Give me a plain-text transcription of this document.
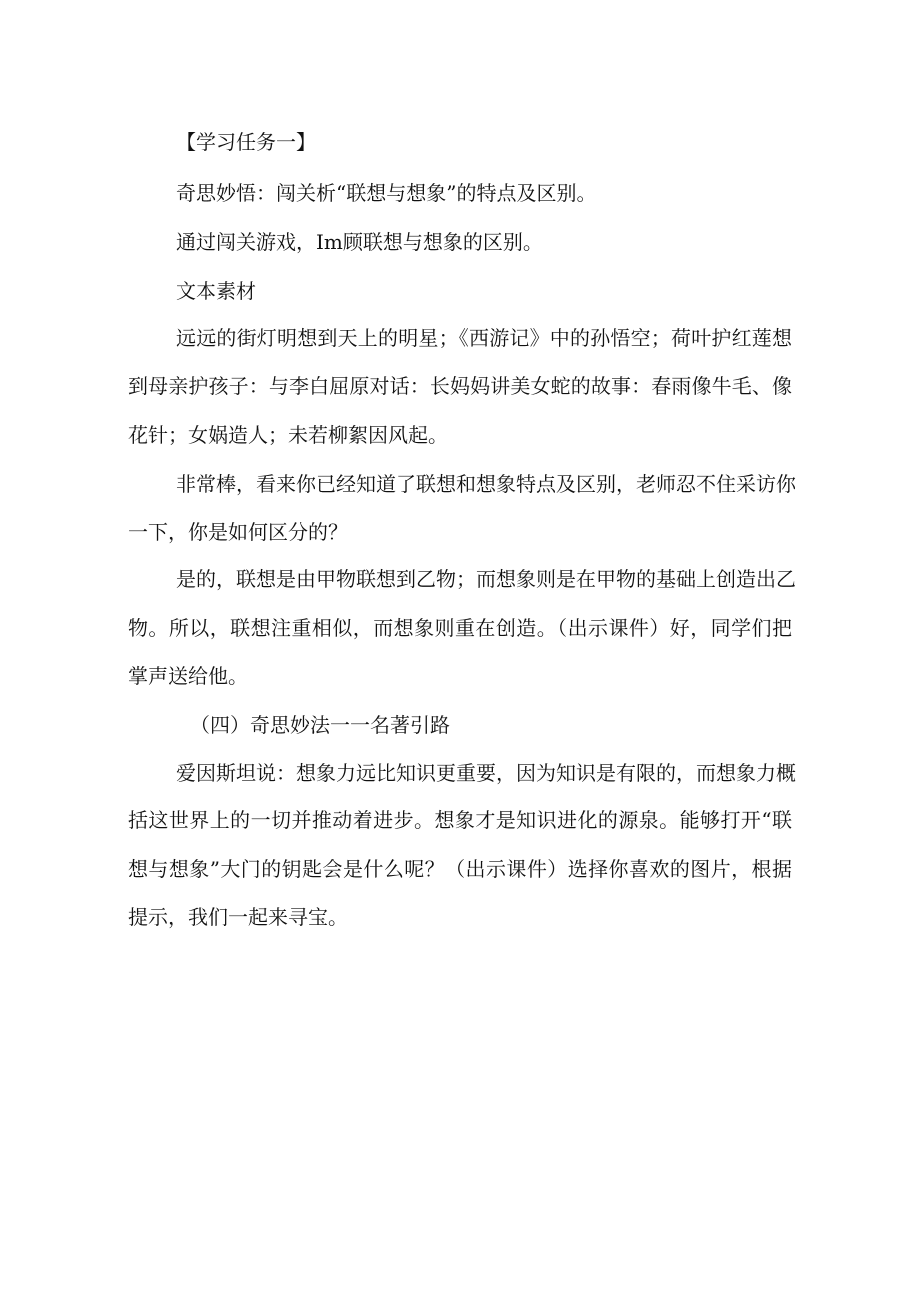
【学习任务一】

奇思妙悟：闯关析“联想与想象”的特点及区别。

通过闯关游戏，Im顾联想与想象的区别。

文本素材

远远的街灯明想到天上的明星；《西游记》中的孙悟空；荷叶护红莲想

到母亲护孩子：与李白屈原对话：长妈妈讲美女蛇的故事：春雨像牛毛、像

花针；女娲造人；未若柳絮因风起。

非常棒，看来你已经知道了联想和想象特点及区别，老师忍不住采访你

一下，你是如何区分的？

是的，联想是由甲物联想到乙物；而想象则是在甲物的基础上创造出乙

物。所以，联想注重相似，而想象则重在创造。（出示课件）好，同学们把

掌声送给他。

（四）奇思妙法一一名著引路

爱因斯坦说：想象力远比知识更重要，因为知识是有限的，而想象力概

括这世界上的一切并推动着进步。想象才是知识进化的源泉。能够打开“联

想与想象”大门的钥匙会是什么呢？（出示课件）选择你喜欢的图片，根据

提示，我们一起来寻宝。
